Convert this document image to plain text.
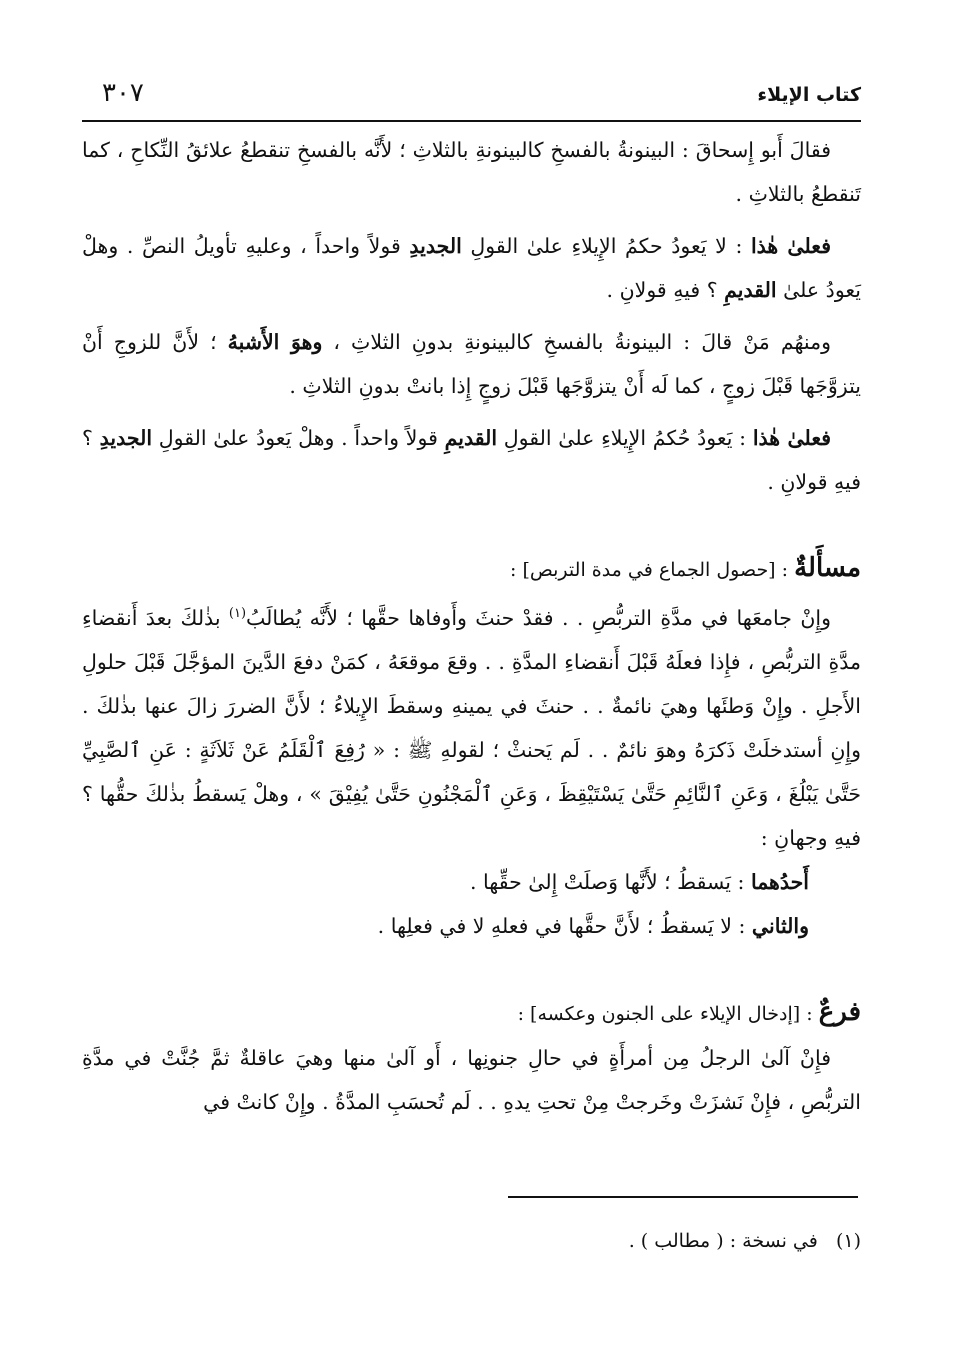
كتاب الإيلاء
٣٠٧

فقالَ أَبو إِسحاقَ : البينونةُ بالفسخِ كالبينونةِ بالثلاثِ ؛ لأَنَّه بالفسخِ تنقطعُ علائقُ النِّكاحِ ، كما تَنقطعُ بالثلاثِ .

فعلىٰ هٰذا : لا يَعودُ حكمُ الإِيلاءِ علىٰ القولِ الجديدِ قولاً واحداً ، وعليهِ تأويلُ النصِّ . وهلْ يَعودُ علىٰ القديمِ ؟ فيهِ قولانِ .

ومنهُم مَنْ قالَ : البينونةُ بالفسخِ كالبينونةِ بدونِ الثلاثِ ، وهوَ الأَشبهُ ؛ لأَنَّ للزوجِ أَنْ يتزوَّجَها قَبْلَ زوجٍ ، كما لَه أَنْ يتزوَّجَها قَبْلَ زوجٍ إِذا بانتْ بدونِ الثلاثِ .

فعلىٰ هٰذا : يَعودُ حُكمُ الإِيلاءِ علىٰ القولِ القديمِ قولاً واحداً . وهلْ يَعودُ علىٰ القولِ الجديدِ ؟ فيهِ قولانِ .

مسأَلةٌ : [حصول الجماع في مدة التربص] :

وإِنْ جامعَها في مدَّةِ التربُّصِ . . فقدْ حنثَ وأَوفاها حقَّها ؛ لأَنَّه يُطالَبُ$^{(١)}$ بذٰلكَ بعدَ أَنقضاءِ مدَّةِ التربُّصِ ، فإِذا فعلَهُ قَبْلَ أَنقضاءِ المدَّةِ . . وقعَ موقعَهُ ، كمَنْ دفعَ الدَّينَ المؤجَّلَ قَبْلَ حلولِ الأَجلِ . وإِنْ وَطئَها وهيَ نائمةٌ . . حنثَ في يمينهِ وسقطَ الإِيلاءُ ؛ لأَنَّ الضررَ زالَ عنها بذٰلكَ . وإِنِ أستدخلَتْ ذَكرَهُ وهوَ نائمٌ . . لَم يَحنثْ ؛ لقولهِ ﷺ : « رُفِعَ ٱلْقَلَمُ عَنْ ثَلاَثَةٍ : عَنِ ٱلصَّبِيِّ حَتَّىٰ يَبْلُغَ ، وَعَنِ ٱلنَّائِمِ حَتَّىٰ يَسْتَيْقِظَ ، وَعَنِ ٱلْمَجْنُونِ حَتَّىٰ يُفِيْقَ » ، وهلْ يَسقطُ بذٰلكَ حقُّها ؟ فيهِ وجهانِ :

أَحدُهما : يَسقطُ ؛ لأَنَّها وَصلَتْ إِلىٰ حقِّها .

والثاني : لا يَسقطُ ؛ لأَنَّ حقَّها في فعلهِ لا في فعلِها .

فرعٌ : [إدخال الإيلاء على الجنون وعكسه] :

فإِنْ آلىٰ الرجلُ مِن أمرأَةٍ في حالِ جنونِها ، أَو آلىٰ منها وهيَ عاقلةٌ ثمَّ جُنَّتْ في مدَّةِ التربُّصِ ، فإِنْ نَشزَتْ وخَرجتْ مِنْ تحتِ يدهِ . . لَم تُحسَبِ المدَّةُ . وإِنْ كانتْ في

(١)   في نسخة : ( مطالب ) .
